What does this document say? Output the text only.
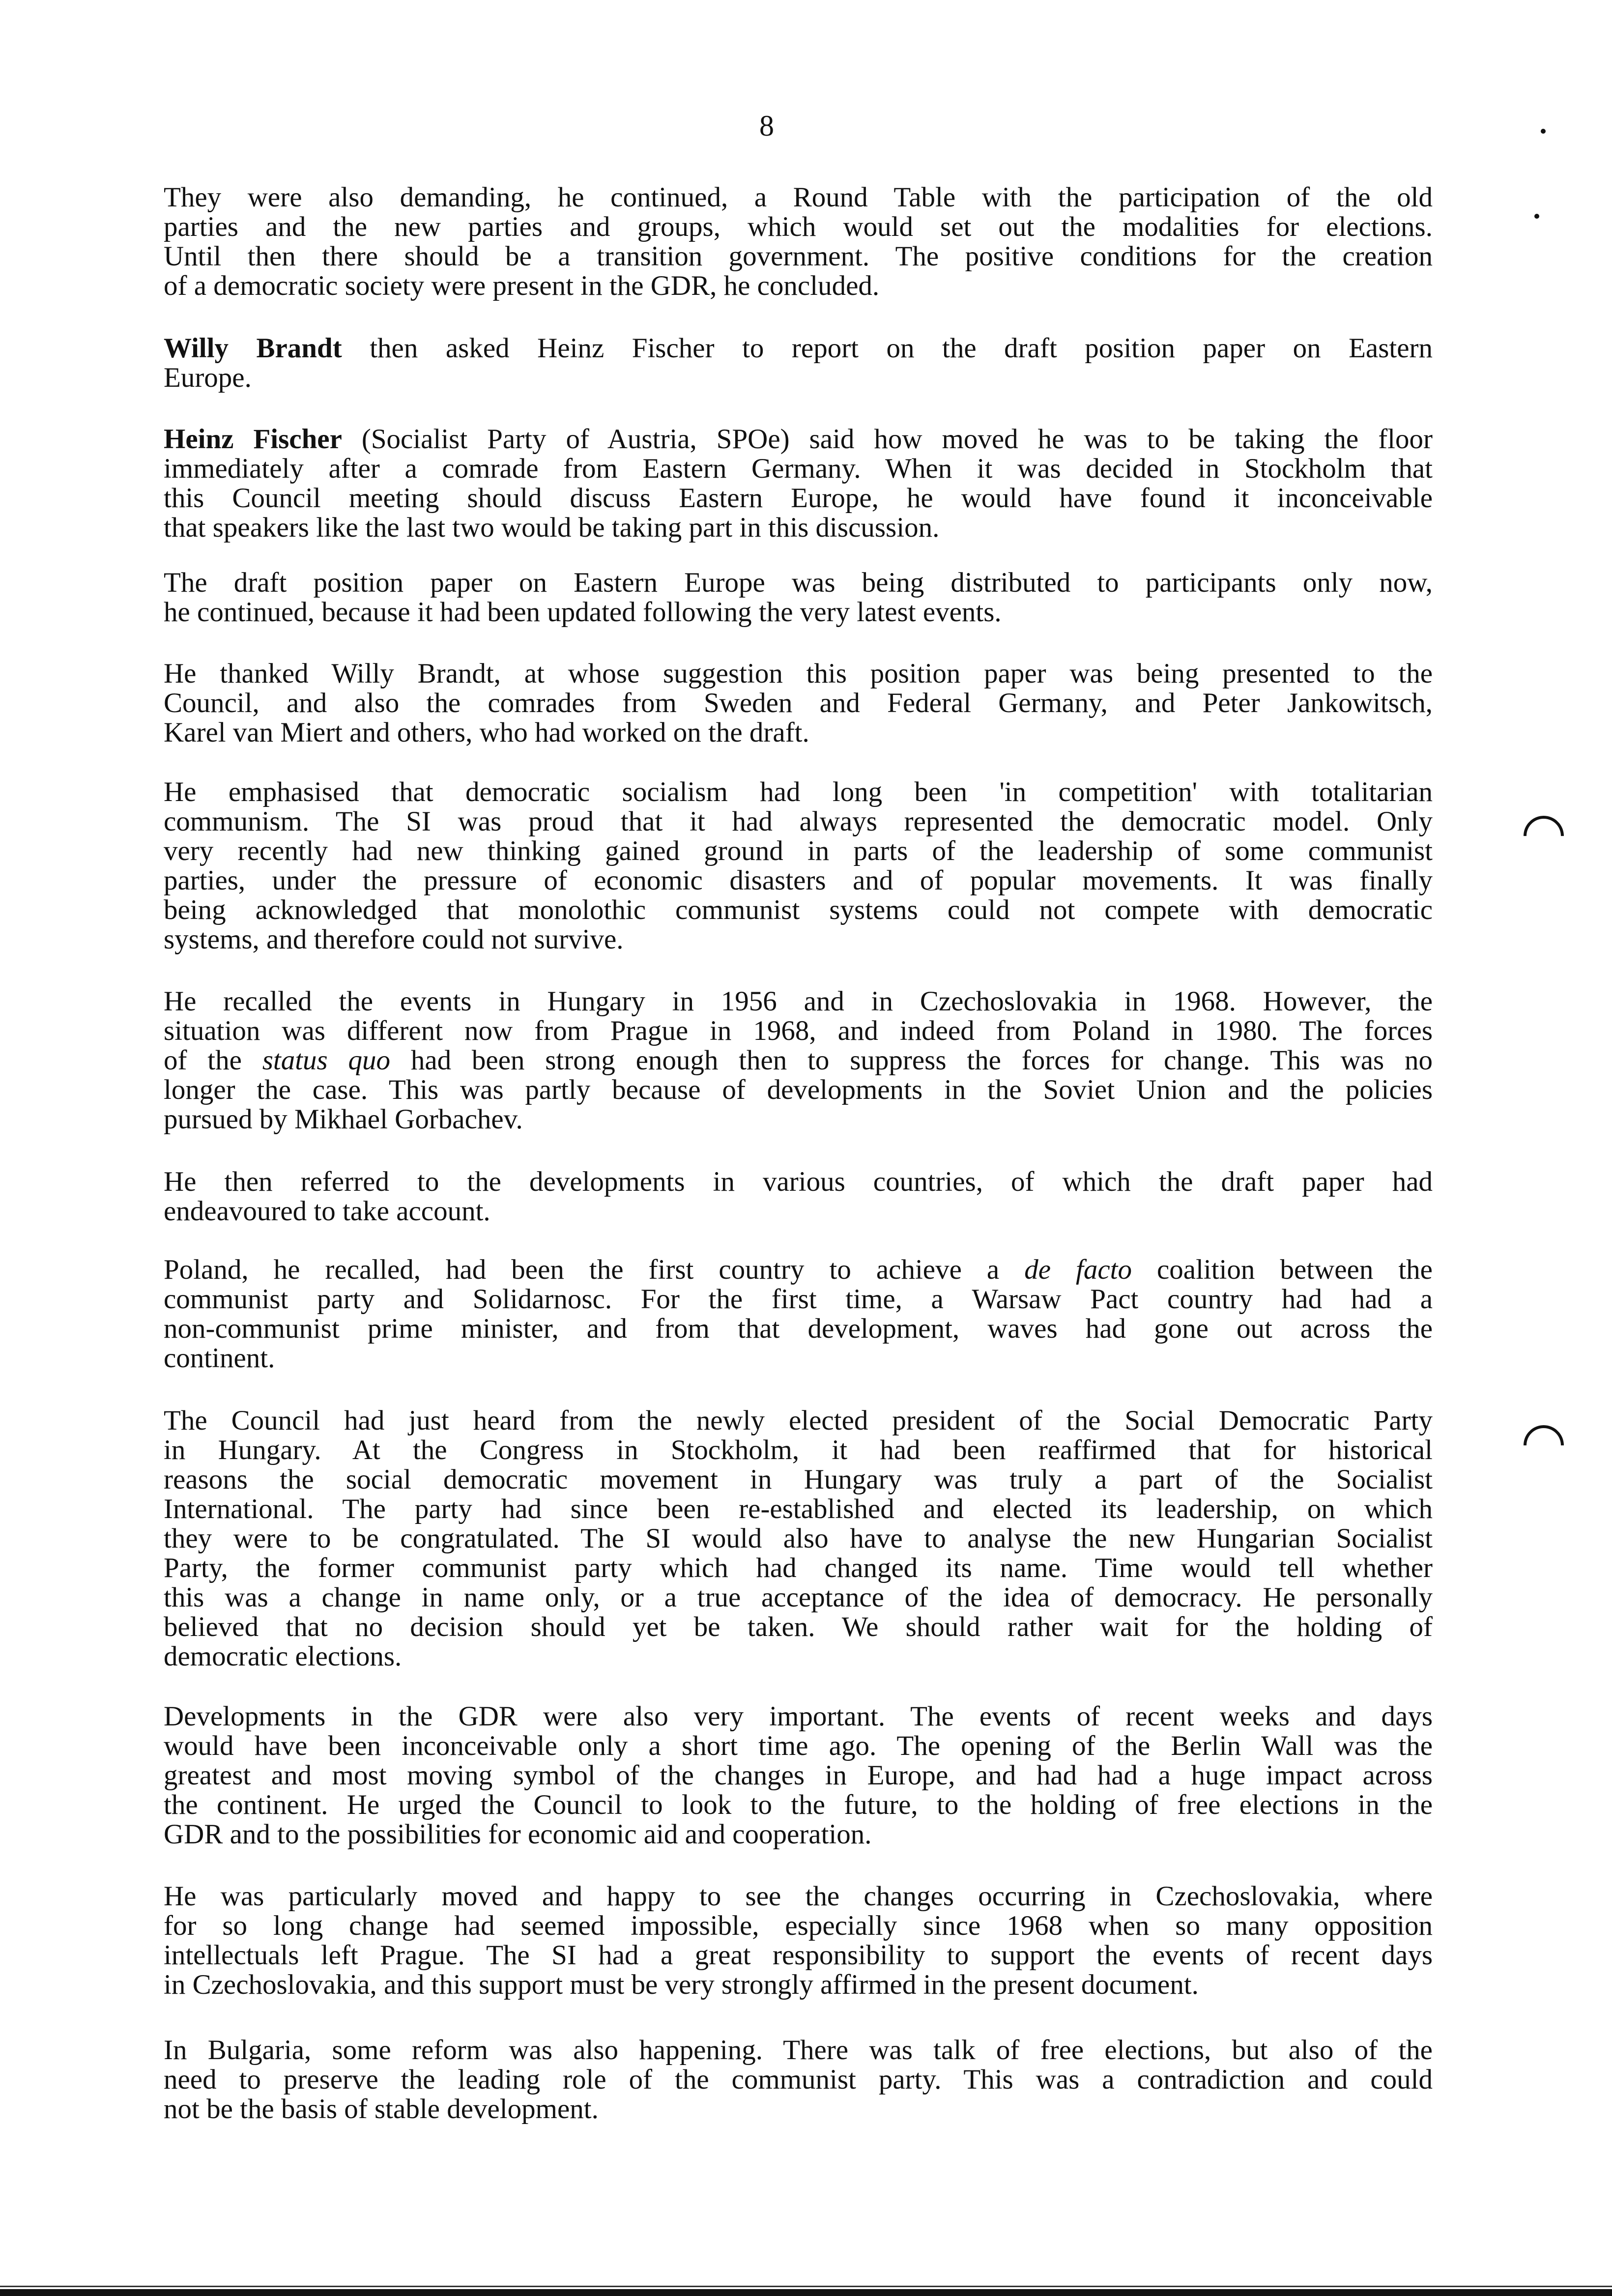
8
They were also demanding, he continued, a Round Table with the participation of the old
parties and the new parties and groups, which would set out the modalities for elections.
Until then there should be a transition government. The positive conditions for the creation
of a democratic society were present in the GDR, he concluded.
Willy Brandt then asked Heinz Fischer to report on the draft position paper on Eastern
Europe.
Heinz Fischer (Socialist Party of Austria, SPOe) said how moved he was to be taking the floor
immediately after a comrade from Eastern Germany. When it was decided in Stockholm that
this Council meeting should discuss Eastern Europe, he would have found it inconceivable
that speakers like the last two would be taking part in this discussion.
The draft position paper on Eastern Europe was being distributed to participants only now,
he continued, because it had been updated following the very latest events.
He thanked Willy Brandt, at whose suggestion this position paper was being presented to the
Council, and also the comrades from Sweden and Federal Germany, and Peter Jankowitsch,
Karel van Miert and others, who had worked on the draft.
He emphasised that democratic socialism had long been 'in competition' with totalitarian
communism. The SI was proud that it had always represented the democratic model. Only
very recently had new thinking gained ground in parts of the leadership of some communist
parties, under the pressure of economic disasters and of popular movements. It was finally
being acknowledged that monolothic communist systems could not compete with democratic
systems, and therefore could not survive.
He recalled the events in Hungary in 1956 and in Czechoslovakia in 1968. However, the
situation was different now from Prague in 1968, and indeed from Poland in 1980. The forces
of the status quo had been strong enough then to suppress the forces for change. This was no
longer the case. This was partly because of developments in the Soviet Union and the policies
pursued by Mikhael Gorbachev.
He then referred to the developments in various countries, of which the draft paper had
endeavoured to take account.
Poland, he recalled, had been the first country to achieve a de facto coalition between the
communist party and Solidarnosc. For the first time, a Warsaw Pact country had had a
non-communist prime minister, and from that development, waves had gone out across the
continent.
The Council had just heard from the newly elected president of the Social Democratic Party
in Hungary. At the Congress in Stockholm, it had been reaffirmed that for historical
reasons the social democratic movement in Hungary was truly a part of the Socialist
International. The party had since been re-established and elected its leadership, on which
they were to be congratulated. The SI would also have to analyse the new Hungarian Socialist
Party, the former communist party which had changed its name. Time would tell whether
this was a change in name only, or a true acceptance of the idea of democracy. He personally
believed that no decision should yet be taken. We should rather wait for the holding of
democratic elections.
Developments in the GDR were also very important. The events of recent weeks and days
would have been inconceivable only a short time ago. The opening of the Berlin Wall was the
greatest and most moving symbol of the changes in Europe, and had had a huge impact across
the continent. He urged the Council to look to the future, to the holding of free elections in the
GDR and to the possibilities for economic aid and cooperation.
He was particularly moved and happy to see the changes occurring in Czechoslovakia, where
for so long change had seemed impossible, especially since 1968 when so many opposition
intellectuals left Prague. The SI had a great responsibility to support the events of recent days
in Czechoslovakia, and this support must be very strongly affirmed in the present document.
In Bulgaria, some reform was also happening. There was talk of free elections, but also of the
need to preserve the leading role of the communist party. This was a contradiction and could
not be the basis of stable development.
